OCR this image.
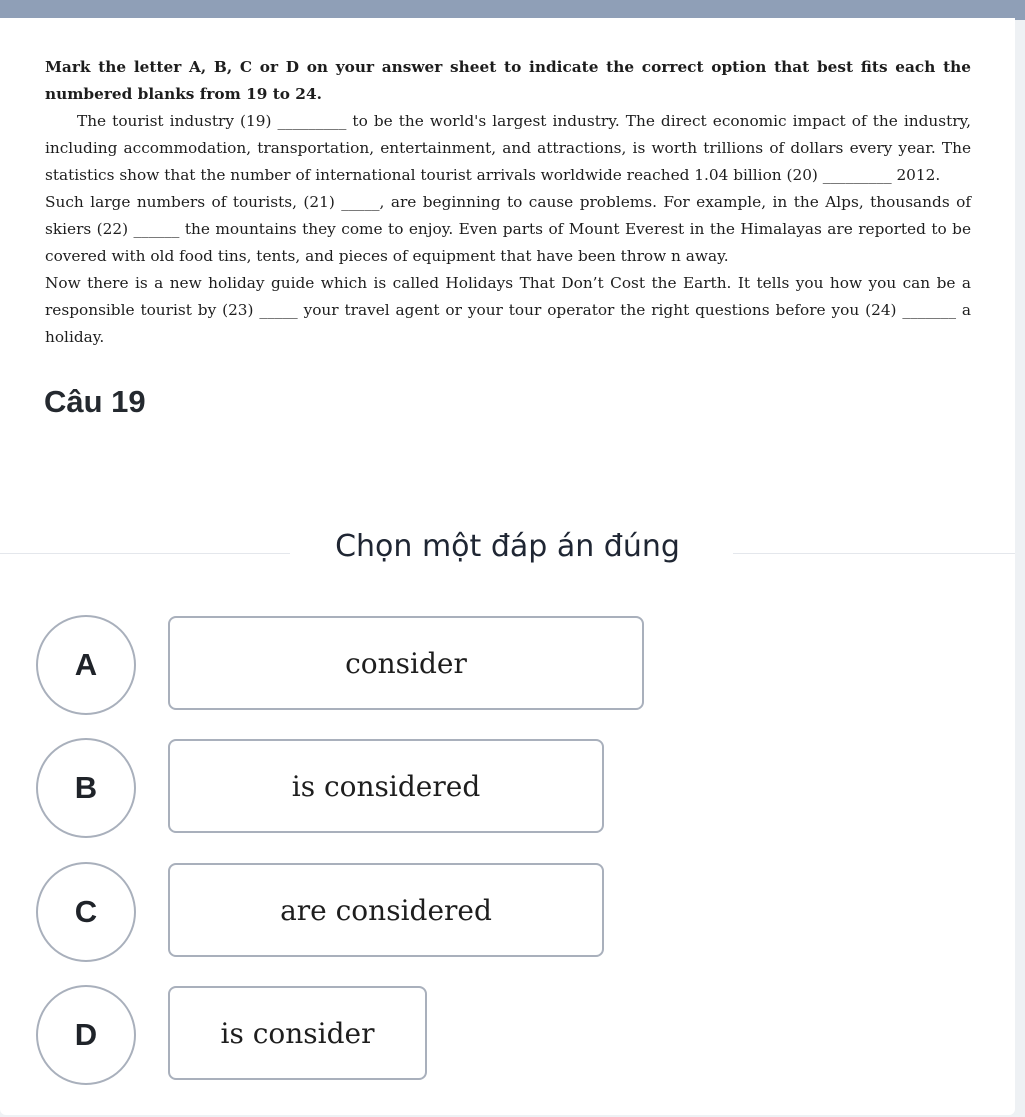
Mark the letter A, B, C or D on your answer sheet to indicate the correct option that best fits each the numbered blanks from 19 to 24.

The tourist industry (19) _________ to be the world's largest industry. The direct economic impact of the industry, including accommodation, transportation, entertainment, and attractions, is worth trillions of dollars every year. The statistics show that the number of international tourist arrivals worldwide reached 1.04 billion (20) _________ 2012.

Such large numbers of tourists, (21) _____, are beginning to cause problems. For example, in the Alps, thousands of skiers (22) ______ the mountains they come to enjoy. Even parts of Mount Everest in the Himalayas are reported to be covered with old food tins, tents, and pieces of equipment that have been throw n away.

Now there is a new holiday guide which is called Holidays That Don’t Cost the Earth. It tells you how you can be a responsible tourist by (23) _____ your travel agent or your tour operator the right questions before you (24) _______ a holiday.

Câu 19
Chọn một đáp án đúng
A	consider
B	is considered
C	are considered
D	is consider
